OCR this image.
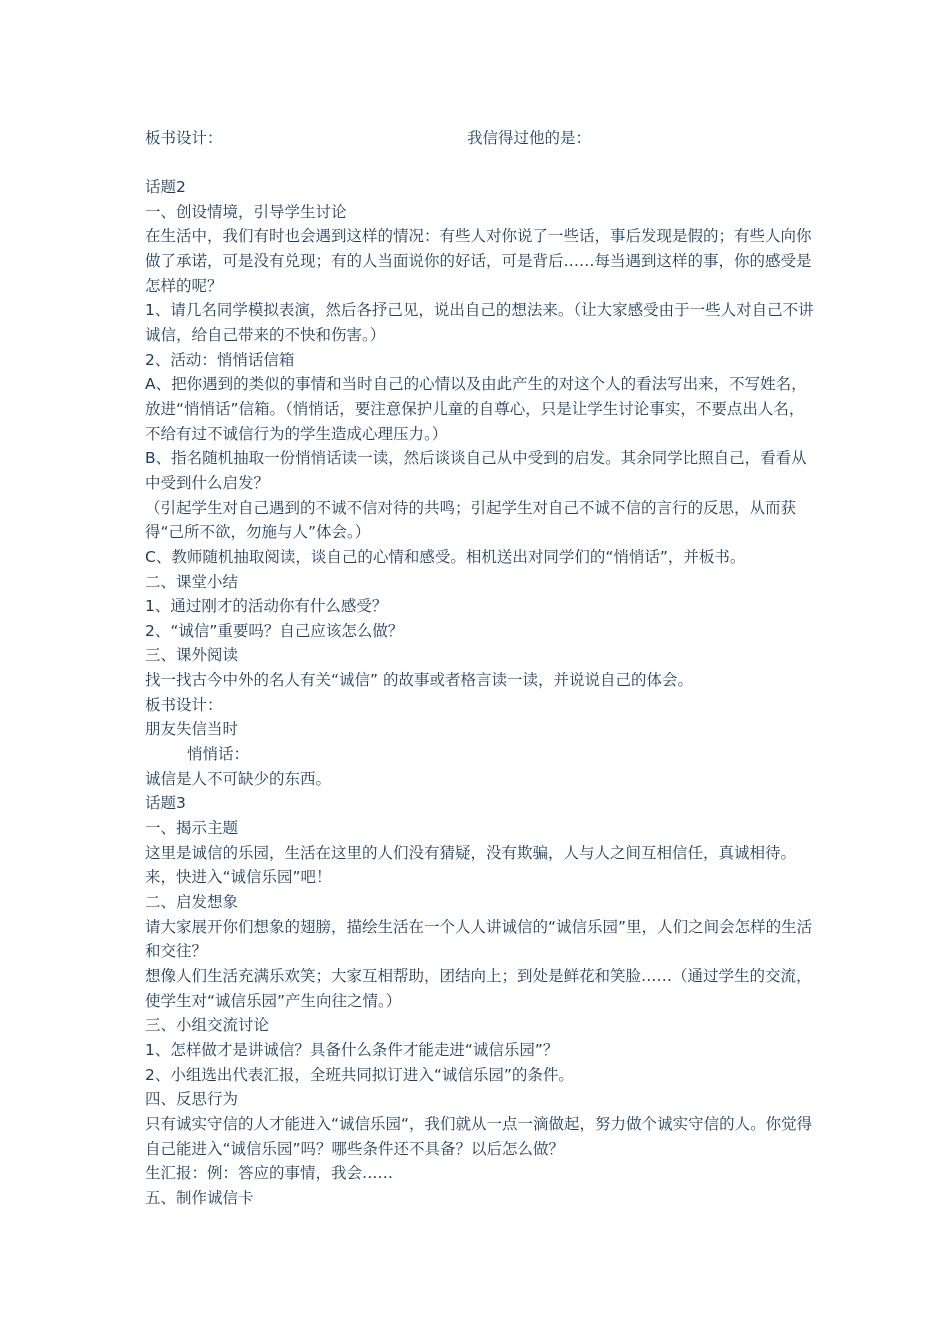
板书设计：	我信得过他的是：

话题2

一、创设情境，引导学生讨论

在生活中，我们有时也会遇到这样的情况：有些人对你说了一些话，事后发现是假的；有些人向你做了承诺，可是没有兑现；有的人当面说你的好话，可是背后……每当遇到这样的事，你的感受是怎样的呢？

1、请几名同学模拟表演，然后各抒己见，说出自己的想法来。（让大家感受由于一些人对自己不讲诚信，给自己带来的不快和伤害。）

2、活动：悄悄话信箱

A、把你遇到的类似的事情和当时自己的心情以及由此产生的对这个人的看法写出来，不写姓名，放进“悄悄话”信箱。（悄悄话，要注意保护儿童的自尊心，只是让学生讨论事实，不要点出人名，不给有过不诚信行为的学生造成心理压力。）

B、指名随机抽取一份悄悄话读一读，然后谈谈自己从中受到的启发。其余同学比照自己，看看从中受到什么启发？

（引起学生对自己遇到的不诚不信对待的共鸣；引起学生对自己不诚不信的言行的反思，从而获得“己所不欲，勿施与人”体会。）

C、教师随机抽取阅读，谈自己的心情和感受。相机送出对同学们的“悄悄话”，并板书。

二、课堂小结

1、通过刚才的活动你有什么感受？

2、“诚信”重要吗？自己应该怎么做？

三、课外阅读

找一找古今中外的名人有关“诚信” 的故事或者格言读一读，并说说自己的体会。

板书设计：

朋友失信当时

悄悄话：

诚信是人不可缺少的东西。

话题3

一、揭示主题

这里是诚信的乐园，生活在这里的人们没有猜疑，没有欺骗，人与人之间互相信任，真诚相待。来，快进入“诚信乐园”吧！

二、启发想象

请大家展开你们想象的翅膀，描绘生活在一个人人讲诚信的“诚信乐园”里，人们之间会怎样的生活和交往？

想像人们生活充满乐欢笑；大家互相帮助，团结向上；到处是鲜花和笑脸……（通过学生的交流，使学生对“诚信乐园”产生向往之情。）

三、小组交流讨论

1、怎样做才是讲诚信？具备什么条件才能走进“诚信乐园”？

2、小组选出代表汇报，全班共同拟订进入“诚信乐园”的条件。

四、反思行为

只有诚实守信的人才能进入“诚信乐园“，我们就从一点一滴做起，努力做个诚实守信的人。你觉得自己能进入“诚信乐园”吗？哪些条件还不具备？以后怎么做？

生汇报：例：答应的事情，我会……

五、制作诚信卡
